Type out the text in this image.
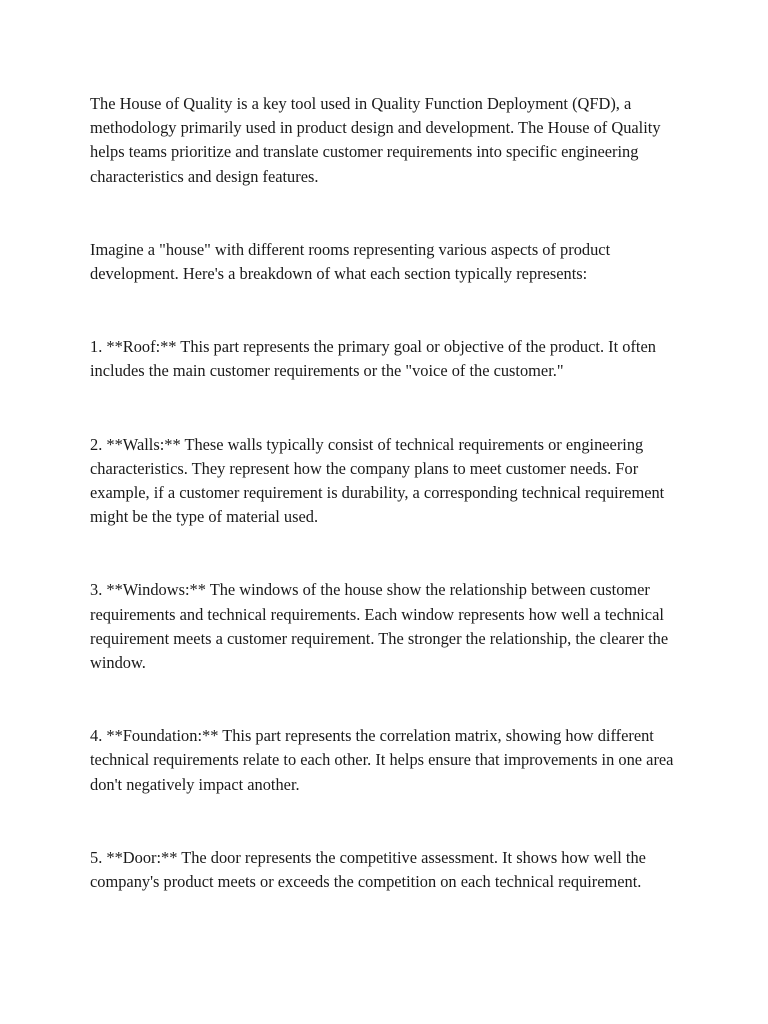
The House of Quality is a key tool used in Quality Function Deployment (QFD), a methodology primarily used in product design and development. The House of Quality helps teams prioritize and translate customer requirements into specific engineering characteristics and design features.

Imagine a "house" with different rooms representing various aspects of product development. Here's a breakdown of what each section typically represents:

1. **Roof:** This part represents the primary goal or objective of the product. It often includes the main customer requirements or the "voice of the customer."

2. **Walls:** These walls typically consist of technical requirements or engineering characteristics. They represent how the company plans to meet customer needs. For example, if a customer requirement is durability, a corresponding technical requirement might be the type of material used.

3. **Windows:** The windows of the house show the relationship between customer requirements and technical requirements. Each window represents how well a technical requirement meets a customer requirement. The stronger the relationship, the clearer the window.

4. **Foundation:** This part represents the correlation matrix, showing how different technical requirements relate to each other. It helps ensure that improvements in one area don't negatively impact another.

5. **Door:** The door represents the competitive assessment. It shows how well the company's product meets or exceeds the competition on each technical requirement.
